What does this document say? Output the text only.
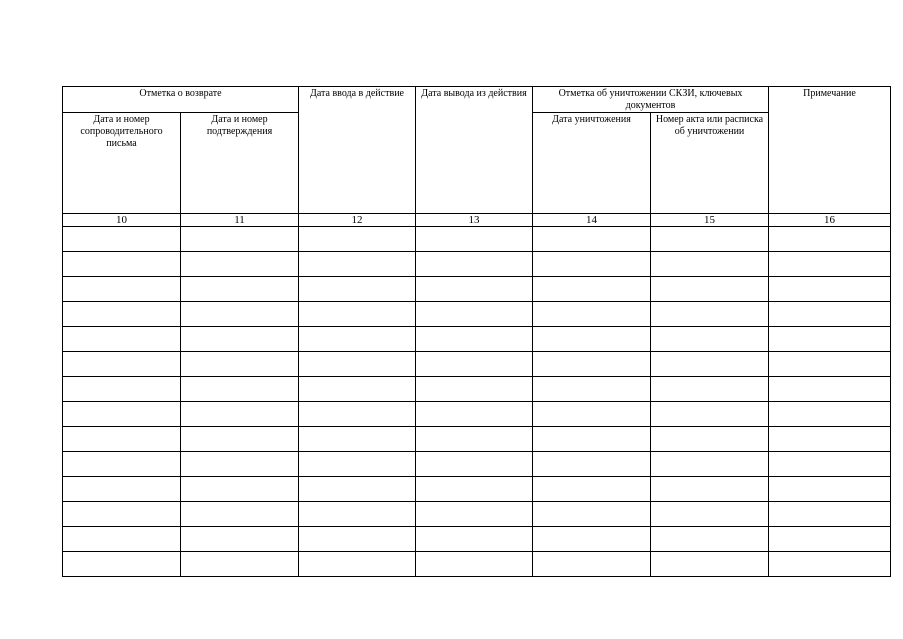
Отметка о возврате		Дата ввода в действие	Дата вывода из действия	Отметка об уничтожении СКЗИ, ключевых документов		Примечание
Дата и номер сопроводительного письма	Дата и номер подтверждения			Дата уничтожения	Номер акта или расписка об уничтожении	
10	11	12	13	14	15	16
